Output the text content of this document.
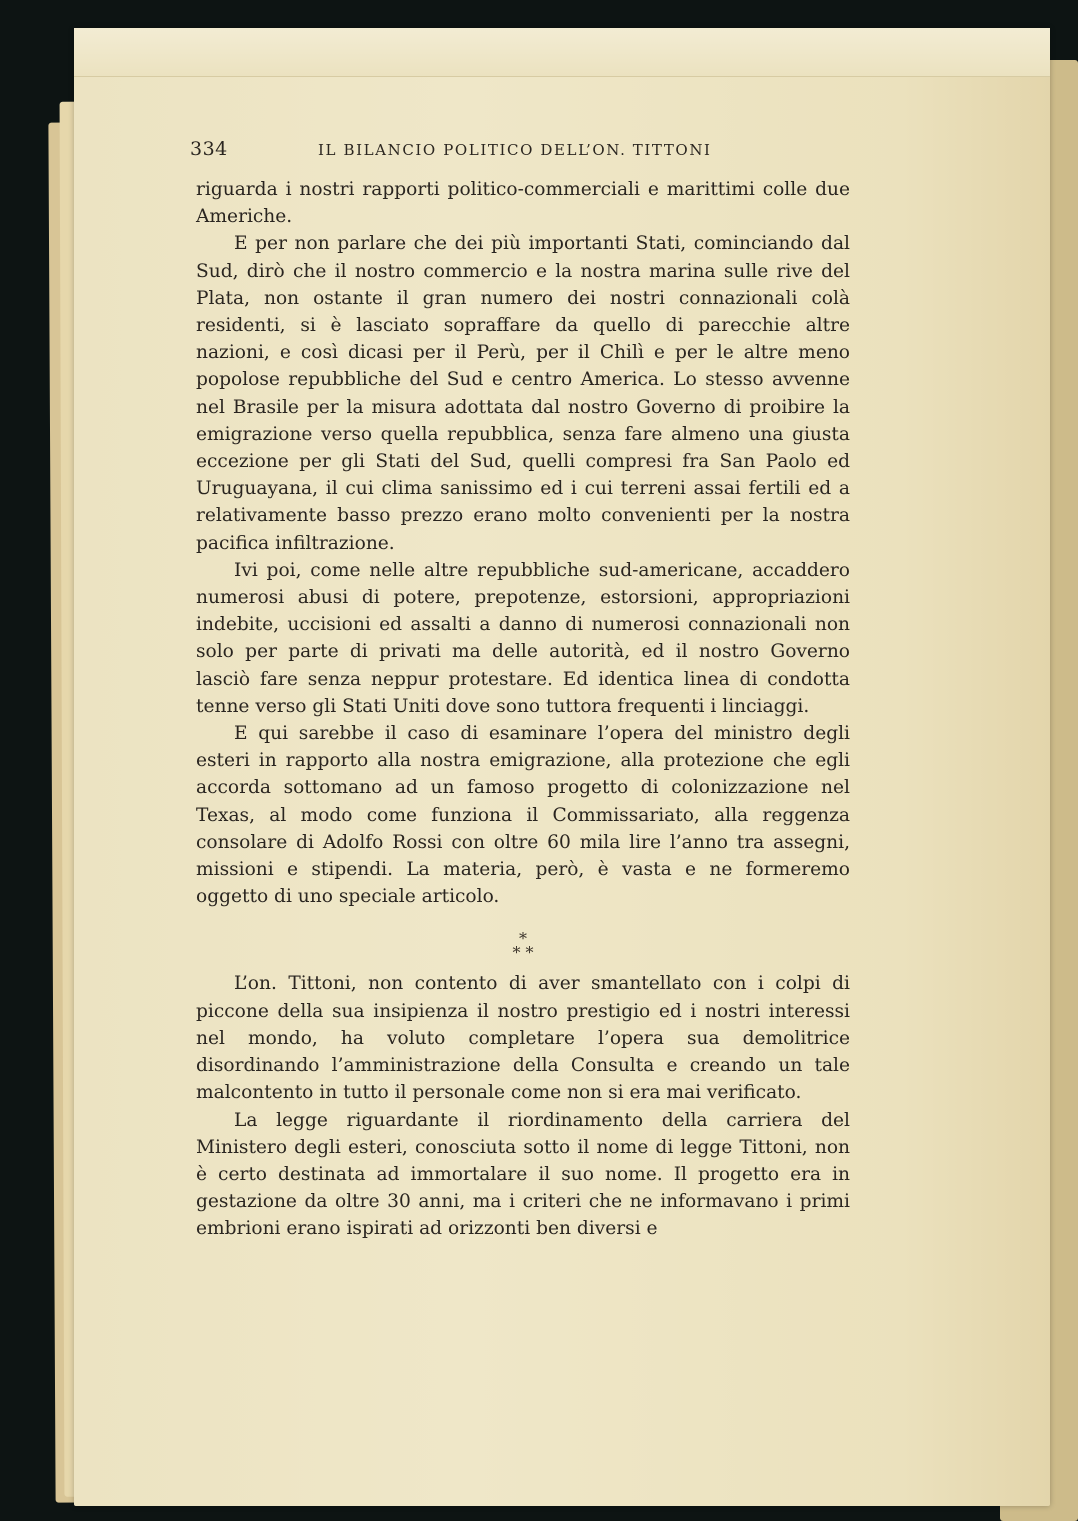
334	IL BILANCIO POLITICO DELL’ON. TITTONI

riguarda i nostri rapporti politico-commerciali e marittimi colle due Americhe.

E per non parlare che dei più importanti Stati, cominciando dal Sud, dirò che il nostro commercio e la nostra marina sulle rive del Plata, non ostante il gran numero dei nostri connazionali colà residenti, si è lasciato sopraffare da quello di parecchie altre nazioni, e così dicasi per il Perù, per il Chilì e per le altre meno popolose repubbliche del Sud e centro America. Lo stesso avvenne nel Brasile per la misura adottata dal nostro Governo di proibire la emigrazione verso quella repubblica, senza fare almeno una giusta eccezione per gli Stati del Sud, quelli compresi fra San Paolo ed Uruguayana, il cui clima sanissimo ed i cui terreni assai fertili ed a relativamente basso prezzo erano molto convenienti per la nostra pacifica infiltrazione.

Ivi poi, come nelle altre repubbliche sud-americane, accaddero numerosi abusi di potere, prepotenze, estorsioni, appropriazioni indebite, uccisioni ed assalti a danno di numerosi connazionali non solo per parte di privati ma delle autorità, ed il nostro Governo lasciò fare senza neppur protestare. Ed identica linea di condotta tenne verso gli Stati Uniti dove sono tuttora frequenti i linciaggi.

E qui sarebbe il caso di esaminare l’opera del ministro degli esteri in rapporto alla nostra emigrazione, alla protezione che egli accorda sottomano ad un famoso progetto di colonizzazione nel Texas, al modo come funziona il Commissariato, alla reggenza consolare di Adolfo Rossi con oltre 60 mila lire l’anno tra assegni, missioni e stipendi. La materia, però, è vasta e ne formeremo oggetto di uno speciale articolo.

*
* *

L’on. Tittoni, non contento di aver smantellato con i colpi di piccone della sua insipienza il nostro prestigio ed i nostri interessi nel mondo, ha voluto completare l’opera sua demolitrice disordinando l’amministrazione della Consulta e creando un tale malcontento in tutto il personale come non si era mai verificato.

La legge riguardante il riordinamento della carriera del Ministero degli esteri, conosciuta sotto il nome di legge Tittoni, non è certo destinata ad immortalare il suo nome. Il progetto era in gestazione da oltre 30 anni, ma i criteri che ne informavano i primi embrioni erano ispirati ad orizzonti ben diversi e
